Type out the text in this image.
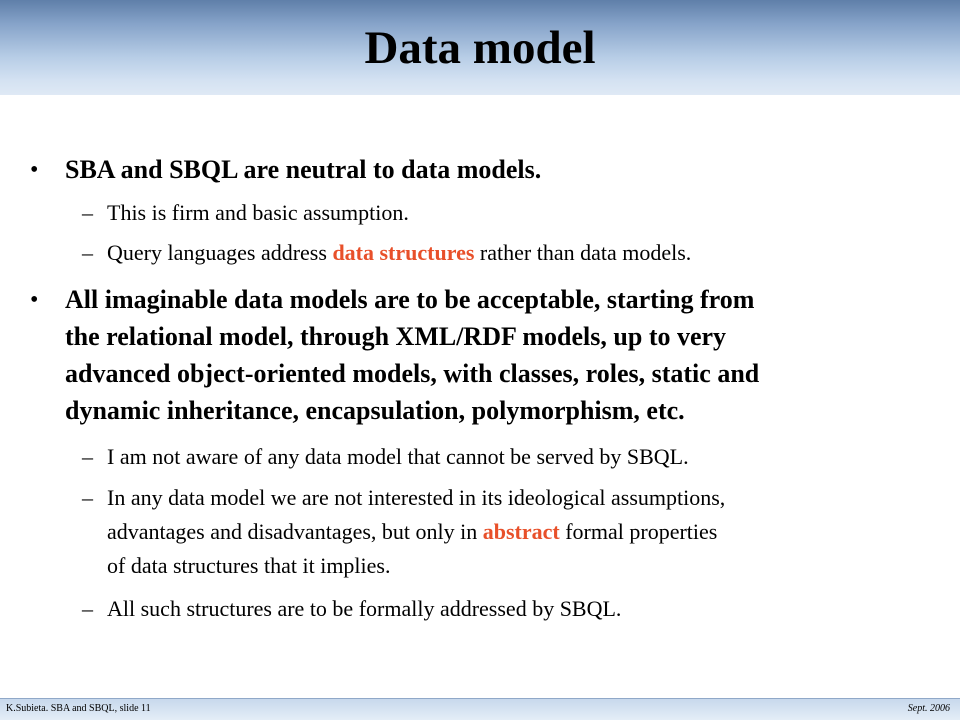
Data model
• SBA and SBQL are neutral to data models.
– This is firm and basic assumption.
– Query languages address data structures rather than data models.
• All imaginable data models are to be acceptable, starting from
the relational model, through XML/RDF models, up to very
advanced object-oriented models, with classes, roles, static and
dynamic inheritance, encapsulation, polymorphism, etc.
– I am not aware of any data model that cannot be served by SBQL.
– In any data model we are not interested in its ideological assumptions,
advantages and disadvantages, but only in abstract formal properties
of data structures that it implies.
– All such structures are to be formally addressed by SBQL.
K.Subieta. SBA and SBQL, slide 11	Sept. 2006
